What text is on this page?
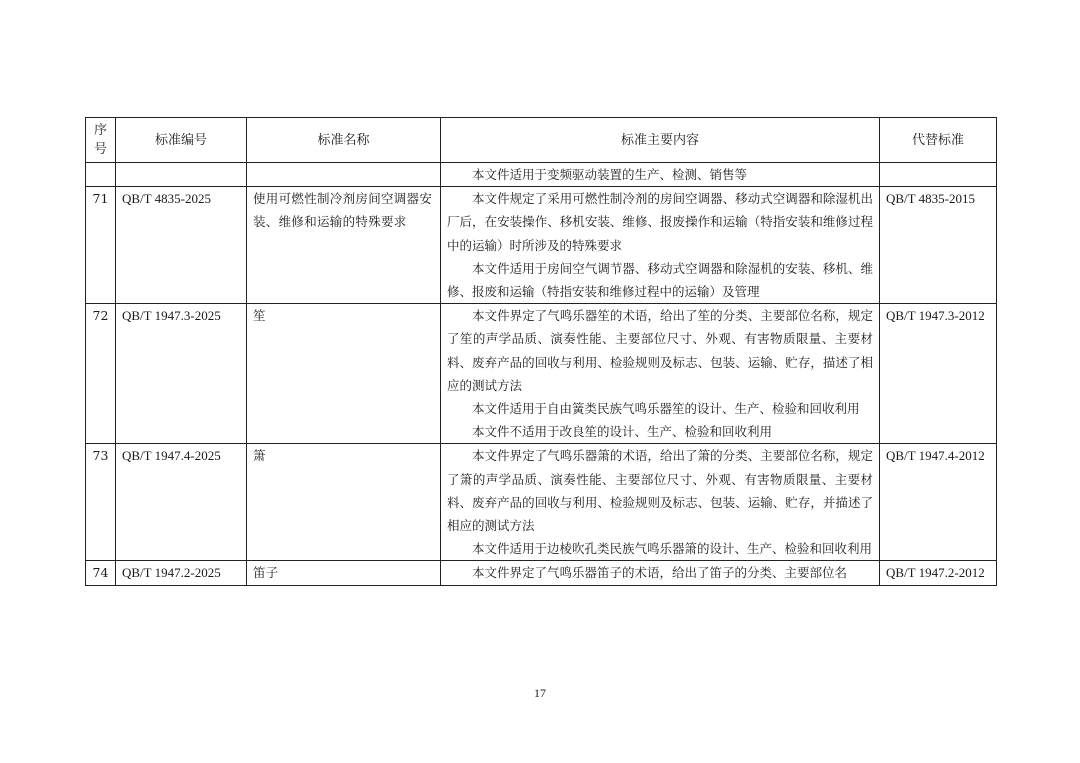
序
号	标准编号	标准名称	标准主要内容	代替标准

			本文件适用于变频驱动装置的生产、检测、销售等	

71	QB/T 4835-2025	使用可燃性制冷剂房间空调器安装、维修和运输的特殊要求	本文件规定了采用可燃性制冷剂的房间空调器、移动式空调器和除湿机出厂后，在安装操作、移机安装、维修、报废操作和运输（特指安装和维修过程中的运输）时所涉及的特殊要求

本文件适用于房间空气调节器、移动式空调器和除湿机的安装、移机、维修、报废和运输（特指安装和维修过程中的运输）及管理	QB/T 4835-2015
72	QB/T 1947.3-2025	笙	本文件界定了气鸣乐器笙的术语，给出了笙的分类、主要部位名称，规定了笙的声学品质、演奏性能、主要部位尺寸、外观、有害物质限量、主要材料、废弃产品的回收与利用、检验规则及标志、包装、运输、贮存，描述了相应的测试方法

本文件适用于自由簧类民族气鸣乐器笙的设计、生产、检验和回收利用

本文件不适用于改良笙的设计、生产、检验和回收利用	QB/T 1947.3-2012
73	QB/T 1947.4-2025	箫	本文件界定了气鸣乐器箫的术语，给出了箫的分类、主要部位名称，规定了箫的声学品质、演奏性能、主要部位尺寸、外观、有害物质限量、主要材料、废弃产品的回收与利用、检验规则及标志、包装、运输、贮存，并描述了相应的测试方法

本文件适用于边棱吹孔类民族气鸣乐器箫的设计、生产、检验和回收利用	QB/T 1947.4-2012
74	QB/T 1947.2-2025	笛子	本文件界定了气鸣乐器笛子的术语，给出了笛子的分类、主要部位名	QB/T 1947.2-2012
17
